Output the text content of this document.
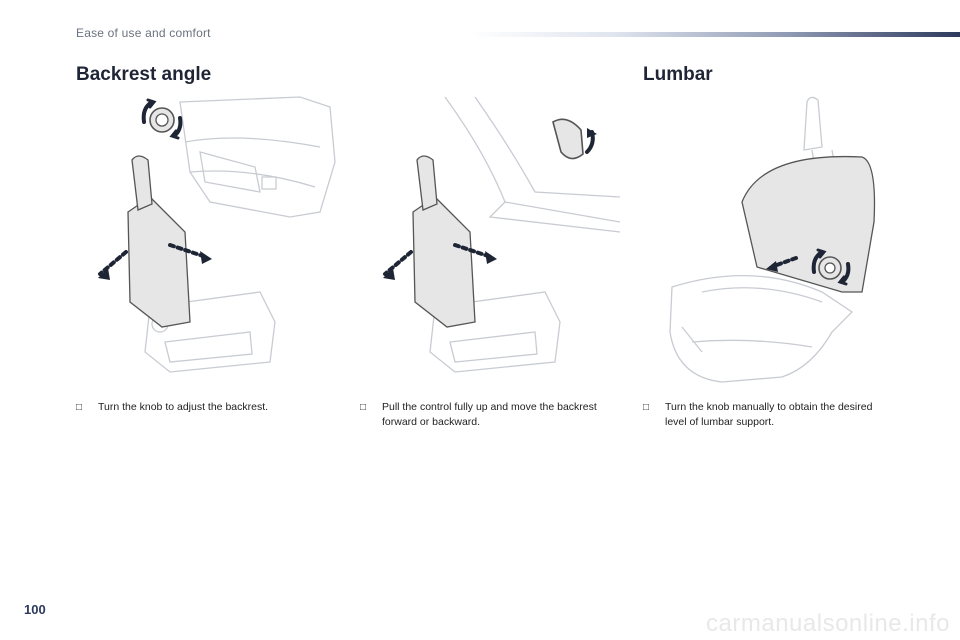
Ease of use and comfort
Backrest angle	Lumbar
□	Turn the knob to adjust the backrest.	□	Pull the control fully up and move the backrest forward or backward.
□	Turn the knob manually to obtain the desired level of lumbar support.
100
carmanualsonline.info
